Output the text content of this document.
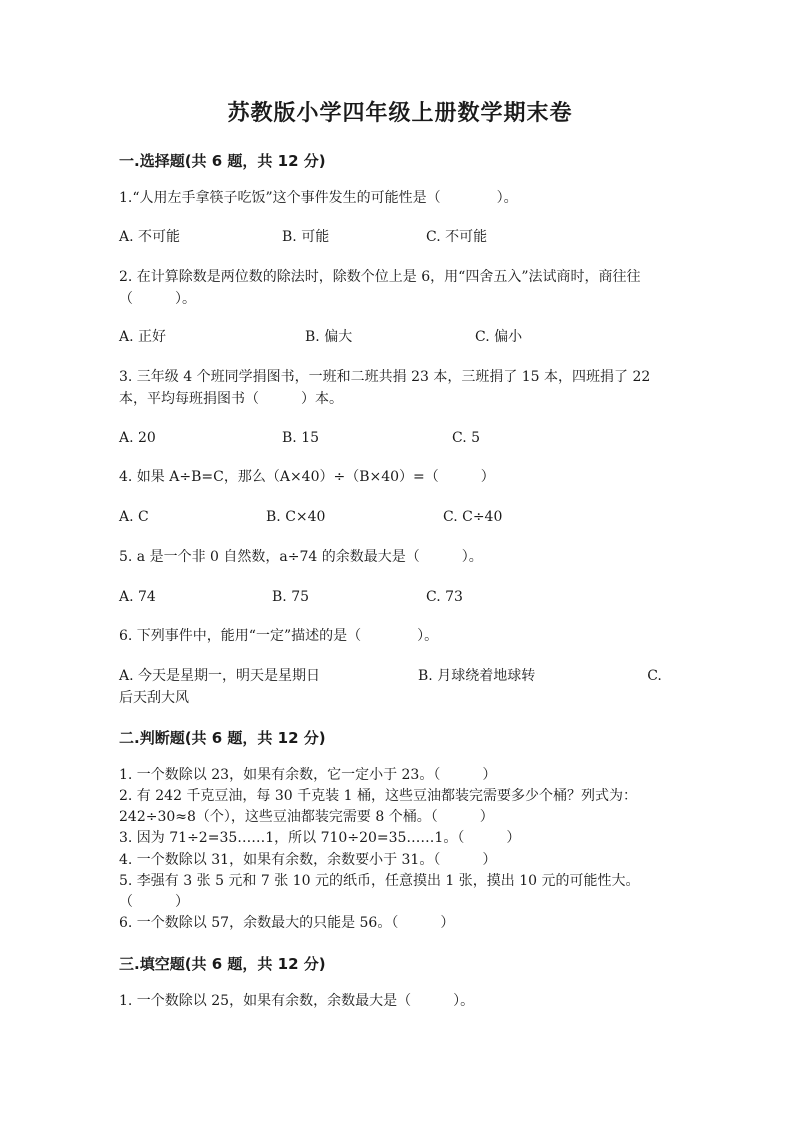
苏教版小学四年级上册数学期末卷
一.选择题(共 6 题，共 12 分)
1.“人用左手拿筷子吃饭”这个事件发生的可能性是（　　　　）。
A. 不可能	B. 可能	C. 不可能
2. 在计算除数是两位数的除法时，除数个位上是 6，用“四舍五入”法试商时，商往往（　　　）。
A. 正好	B. 偏大	C. 偏小
3. 三年级 4 个班同学捐图书，一班和二班共捐 23 本，三班捐了 15 本，四班捐了 22 本，平均每班捐图书（　　　）本。
A. 20	B. 15	C. 5
4. 如果 A÷B=C，那么（A×40）÷（B×40）=（　　　）
A. C	B. C×40	C. C÷40
5. a 是一个非 0 自然数，a÷74 的余数最大是（　　　）。
A. 74	B. 75	C. 73
6. 下列事件中，能用“一定”描述的是（　　　　）。
A. 今天是星期一，明天是星期日　　　　　　　B. 月球绕着地球转　　　　　　　　C. 后天刮大风
二.判断题(共 6 题，共 12 分)
1. 一个数除以 23，如果有余数，它一定小于 23。（　　　）
2. 有 242 千克豆油，每 30 千克装 1 桶，这些豆油都装完需要多少个桶？列式为：242÷30≈8（个），这些豆油都装完需要 8 个桶。（　　　）
3. 因为 71÷2=35……1，所以 710÷20=35……1。（　　　）
4. 一个数除以 31，如果有余数，余数要小于 31。（　　　）
5. 李强有 3 张 5 元和 7 张 10 元的纸币，任意摸出 1 张，摸出 10 元的可能性大。　　（　　　）
6. 一个数除以 57，余数最大的只能是 56。（　　　）
三.填空题(共 6 题，共 12 分)
1. 一个数除以 25，如果有余数，余数最大是（　　　）。
